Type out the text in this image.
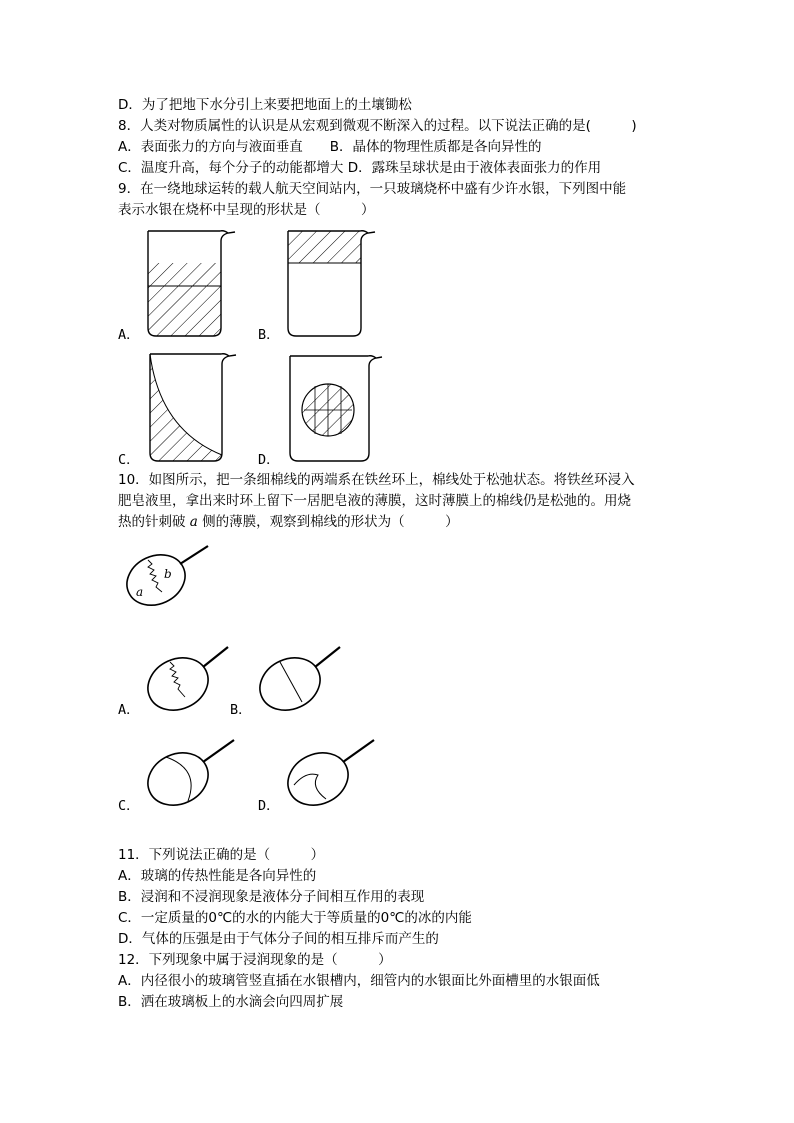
D．为了把地下水分引上来要把地面上的土壤锄松
8．人类对物质属性的认识是从宏观到微观不断深入的过程。以下说法正确的是(　　　)
A．表面张力的方向与液面垂直　　B．晶体的物理性质都是各向异性的
C．温度升高，每个分子的动能都增大 D．露珠呈球状是由于液体表面张力的作用
9．在一绕地球运转的载人航天空间站内，一只玻璃烧杯中盛有少许水银，下列图中能
表示水银在烧杯中呈现的形状是（　　　）
A．	B．
C．	D．
10．如图所示，把一条细棉线的两端系在铁丝环上，棉线处于松弛状态。将铁丝环浸入
肥皂液里，拿出来时环上留下一居肥皂液的薄膜，这时薄膜上的棉线仍是松弛的。用烧
热的针刺破 a 侧的薄膜，观察到棉线的形状为（　　　）
a
b
A．	B．
C．	D．
11．下列说法正确的是（　　　）
A．玻璃的传热性能是各向异性的
B．浸润和不浸润现象是液体分子间相互作用的表现
C．一定质量的0℃的水的内能大于等质量的0℃的冰的内能
D．气体的压强是由于气体分子间的相互排斥而产生的
12．下列现象中属于浸润现象的是（　　　）
A．内径很小的玻璃管竖直插在水银槽内，细管内的水银面比外面槽里的水银面低
B．洒在玻璃板上的水滴会向四周扩展
